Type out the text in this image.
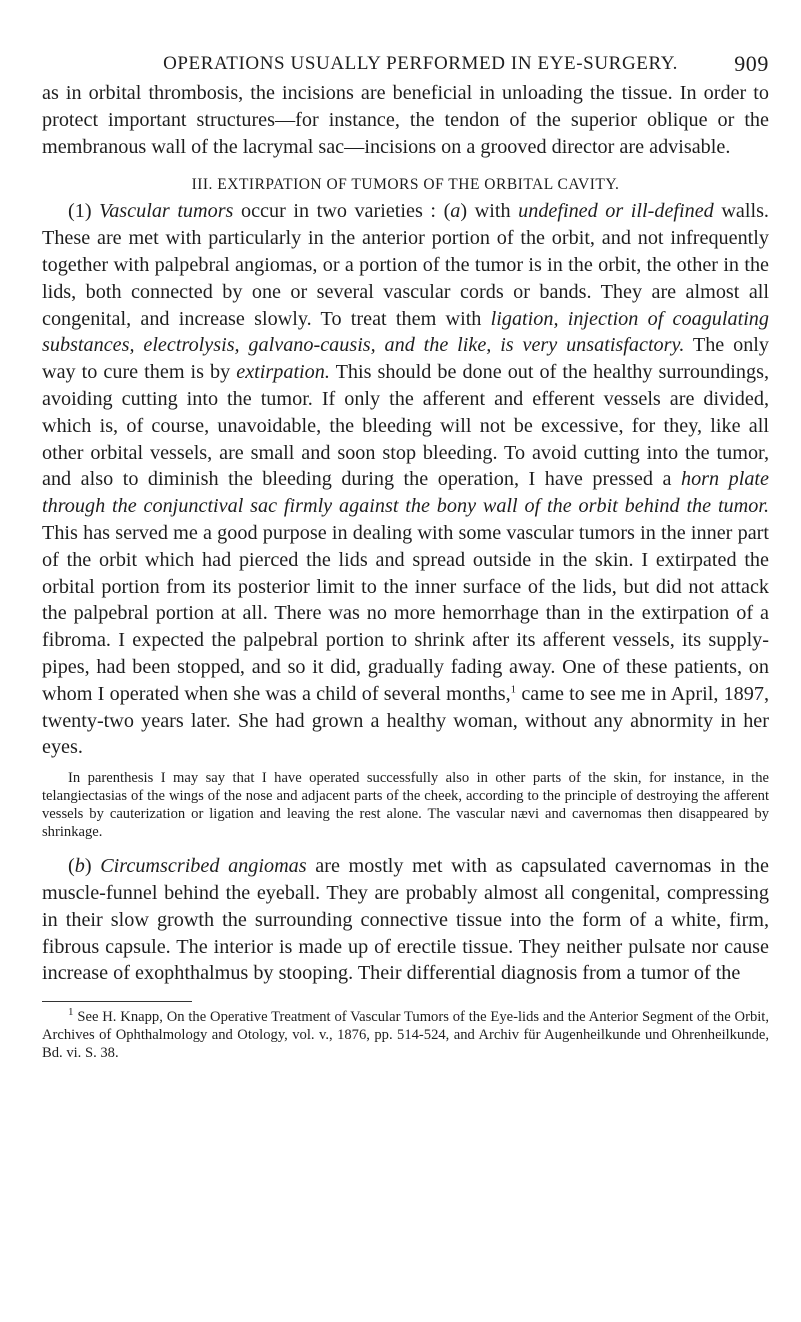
OPERATIONS USUALLY PERFORMED IN EYE-SURGERY.	909

as in orbital thrombosis, the incisions are beneficial in unloading the tissue. In order to protect important structures—for instance, the tendon of the superior oblique or the membranous wall of the lacrymal sac—incisions on a grooved director are advisable.

III. EXTIRPATION OF TUMORS OF THE ORBITAL CAVITY.

(1) Vascular tumors occur in two varieties : (a) with undefined or ill-defined walls. These are met with particularly in the anterior portion of the orbit, and not infrequently together with palpebral angiomas, or a portion of the tumor is in the orbit, the other in the lids, both connected by one or several vascular cords or bands. They are almost all congenital, and increase slowly. To treat them with ligation, injection of coagulating substances, electrolysis, galvano-causis, and the like, is very unsatisfactory. The only way to cure them is by extirpation. This should be done out of the healthy surroundings, avoiding cutting into the tumor. If only the afferent and efferent vessels are divided, which is, of course, unavoidable, the bleeding will not be excessive, for they, like all other orbital vessels, are small and soon stop bleeding. To avoid cutting into the tumor, and also to diminish the bleeding during the operation, I have pressed a horn plate through the conjunctival sac firmly against the bony wall of the orbit behind the tumor. This has served me a good purpose in dealing with some vascular tumors in the inner part of the orbit which had pierced the lids and spread outside in the skin. I extirpated the orbital portion from its posterior limit to the inner surface of the lids, but did not attack the palpebral portion at all. There was no more hemorrhage than in the extirpation of a fibroma. I expected the palpebral portion to shrink after its afferent vessels, its supply-pipes, had been stopped, and so it did, gradually fading away. One of these patients, on whom I operated when she was a child of several months,$^1$ came to see me in April, 1897, twenty-two years later. She had grown a healthy woman, without any abnormity in her eyes.

In parenthesis I may say that I have operated successfully also in other parts of the skin, for instance, in the telangiectasias of the wings of the nose and adjacent parts of the cheek, according to the principle of destroying the afferent vessels by cauterization or ligation and leaving the rest alone. The vascular nævi and cavernomas then disappeared by shrinkage.

(b) Circumscribed angiomas are mostly met with as capsulated cavernomas in the muscle-funnel behind the eyeball. They are probably almost all congenital, compressing in their slow growth the surrounding connective tissue into the form of a white, firm, fibrous capsule. The interior is made up of erectile tissue. They neither pulsate nor cause increase of exophthalmus by stooping. Their differential diagnosis from a tumor of the

$^1$ See H. Knapp, On the Operative Treatment of Vascular Tumors of the Eye-lids and the Anterior Segment of the Orbit, Archives of Ophthalmology and Otology, vol. v., 1876, pp. 514-524, and Archiv für Augenheilkunde und Ohrenheilkunde, Bd. vi. S. 38.
